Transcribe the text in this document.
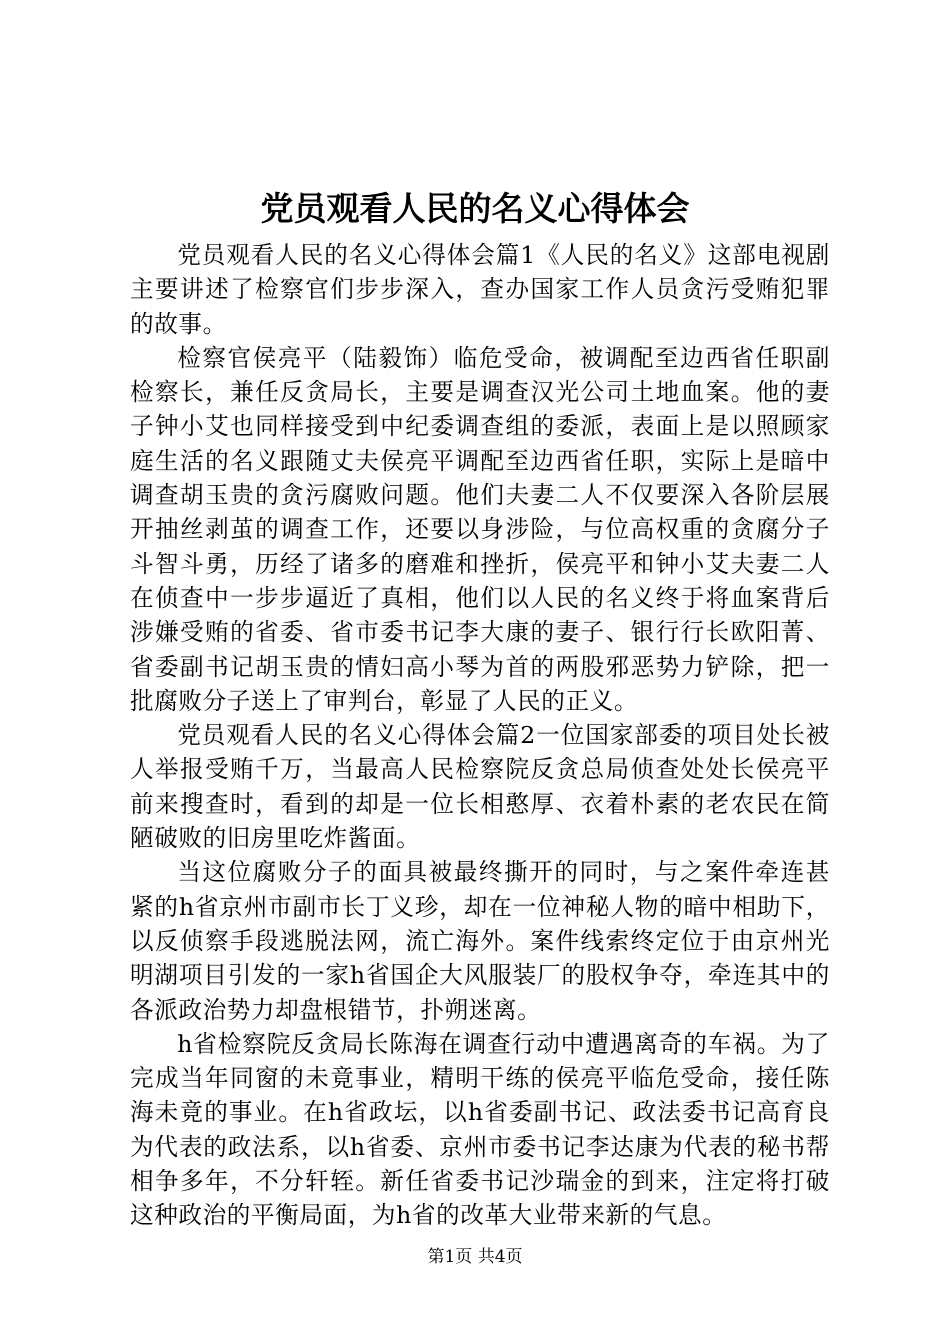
党员观看人民的名义心得体会

党员观看人民的名义心得体会篇1《人民的名义》这部电视剧主要讲述了检察官们步步深入，查办国家工作人员贪污受贿犯罪的故事。

检察官侯亮平（陆毅饰）临危受命，被调配至边西省任职副检察长，兼任反贪局长，主要是调查汉光公司土地血案。他的妻子钟小艾也同样接受到中纪委调查组的委派，表面上是以照顾家庭生活的名义跟随丈夫侯亮平调配至边西省任职，实际上是暗中调查胡玉贵的贪污腐败问题。他们夫妻二人不仅要深入各阶层展开抽丝剥茧的调查工作，还要以身涉险，与位高权重的贪腐分子斗智斗勇，历经了诸多的磨难和挫折，侯亮平和钟小艾夫妻二人在侦查中一步步逼近了真相，他们以人民的名义终于将血案背后涉嫌受贿的省委、省市委书记李大康的妻子、银行行长欧阳菁、省委副书记胡玉贵的情妇高小琴为首的两股邪恶势力铲除，把一批腐败分子送上了审判台，彰显了人民的正义。

党员观看人民的名义心得体会篇2一位国家部委的项目处长被人举报受贿千万，当最高人民检察院反贪总局侦查处处长侯亮平前来搜查时，看到的却是一位长相憨厚、衣着朴素的老农民在简陋破败的旧房里吃炸酱面。

当这位腐败分子的面具被最终撕开的同时，与之案件牵连甚紧的h省京州市副市长丁义珍，却在一位神秘人物的暗中相助下，以反侦察手段逃脱法网，流亡海外。案件线索终定位于由京州光明湖项目引发的一家h省国企大风服装厂的股权争夺，牵连其中的各派政治势力却盘根错节，扑朔迷离。

h省检察院反贪局长陈海在调查行动中遭遇离奇的车祸。为了完成当年同窗的未竟事业，精明干练的侯亮平临危受命，接任陈海未竟的事业。在h省政坛，以h省委副书记、政法委书记高育良为代表的政法系，以h省委、京州市委书记李达康为代表的秘书帮相争多年，不分轩轾。新任省委书记沙瑞金的到来，注定将打破这种政治的平衡局面，为h省的改革大业带来新的气息。

第1页 共4页
